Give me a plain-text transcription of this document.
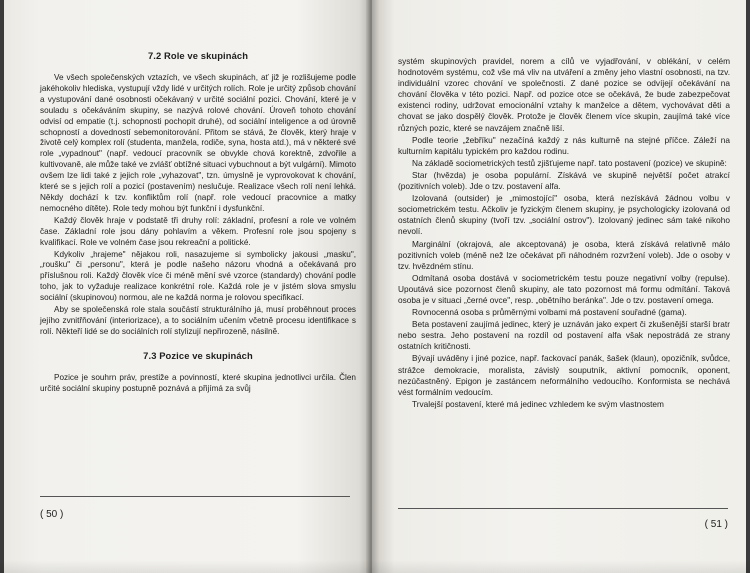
7.2 Role ve skupinách

Ve všech společenských vztazích, ve všech skupinách, ať již je rozlišujeme podle jakéhokoliv hlediska, vystupují vždy lidé v určitých rolích. Role je určitý způsob chování a vystupování dané osobnosti očekávaný v určité sociální pozici. Chování, které je v souladu s očekáváním skupiny, se nazývá rolové chování. Úroveň tohoto chování odvisí od empatie (t.j. schopnosti pochopit druhé), od sociální inteligence a od úrovně schopností a dovedností sebemonitorování. Přitom se stává, že člověk, který hraje v životě celý komplex rolí (studenta, manžela, rodiče, syna, hosta atd.), má v některé své role „vypadnout" (např. vedoucí pracovník se obvykle chová korektně, zdvořile a kultivovaně, ale může také ve zvlášť obtížné situaci vybuchnout a být vulgární). Mimoto ovšem lze lidi také z jejich role „vyhazovat", tzn. úmyslně je vyprovokovat k chování, které se s jejich rolí a pozicí (postavením) neslučuje. Realizace všech rolí není lehká. Někdy dochází k tzv. konfliktům rolí (např. role vedoucí pracovnice a matky nemocného dítěte). Role tedy mohou být funkční i dysfunkční.

Každý člověk hraje v podstatě tři druhy rolí: základní, profesní a role ve volném čase. Základní role jsou dány pohlavím a věkem. Profesní role jsou spojeny s kvalifikací. Role ve volném čase jsou rekreační a politické.

Kdykoliv „hrajeme" nějakou roli, nasazujeme si symbolicky jakousi „masku", „roušku" či „personu", která je podle našeho názoru vhodná a očekávaná pro příslušnou roli. Každý člověk více či méně mění své vzorce (standardy) chování podle toho, jak to vyžaduje realizace konkrétní role. Každá role je v jistém slova smyslu sociální (skupinovou) normou, ale ne každá norma je rolovou specifikací.

Aby se společenská role stala součástí strukturálního já, musí proběhnout proces jejího zvnitřňování (interiorizace), a to sociálním učením včetně procesu identifikace s rolí. Někteří lidé se do sociálních rolí stylizují nepřirozeně, násilně.

7.3 Pozice ve skupinách

Pozice je souhrn práv, prestiže a povinností, které skupina jednotlivci určila. Člen určité sociální skupiny postupně poznává a přijímá za svůj

( 50 )

systém skupinových pravidel, norem a cílů ve vyjadřování, v oblékání, v celém hodnotovém systému, což vše má vliv na utváření a změny jeho vlastní osobnosti, na tzv. individuální vzorec chování ve společnosti. Z dané pozice se odvíjejí očekávání na chování člověka v této pozici. Např. od pozice otce se očekává, že bude zabezpečovat existenci rodiny, udržovat emocionální vztahy k manželce a dětem, vychovávat děti a chovat se jako dospělý člověk. Protože je člověk členem více skupin, zaujímá také více různých pozic, které se navzájem značně liší.

Podle teorie „žebříku" nezačíná každý z nás kulturně na stejné příčce. Záleží na kulturním kapitálu typickém pro každou rodinu.

Na základě sociometrických testů zjišťujeme např. tato postavení (pozice) ve skupině:

Star (hvězda) je osoba populární. Získává ve skupině největší počet atrakcí (pozitivních voleb). Jde o tzv. postavení alfa.

Izolovaná (outsider) je „mimostojící" osoba, která nezískává žádnou volbu v sociometrickém testu. Ačkoliv je fyzickým členem skupiny, je psychologicky izolovaná od ostatních členů skupiny (tvoří tzv. „sociální ostrov"). Izolovaný jedinec sám také nikoho nevolí.

Marginální (okrajová, ale akceptovaná) je osoba, která získává relativně málo pozitivních voleb (méně než lze očekávat při náhodném rozvržení voleb). Jde o osoby v tzv. hvězdném stínu.

Odmítaná osoba dostává v sociometrickém testu pouze negativní volby (repulse). Upoutává sice pozornost členů skupiny, ale tato pozornost má formu odmítání. Taková osoba je v situaci „černé ovce", resp. „obětního beránka". Jde o tzv. postavení omega.

Rovnocenná osoba s průměrnými volbami má postavení souřadné (gama).

Beta postavení zaujímá jedinec, který je uznáván jako expert či zkušenější starší bratr nebo sestra. Jeho postavení na rozdíl od postavení alfa však nepostrádá ze strany ostatních kritičnosti.

Bývají uváděny i jiné pozice, např. fackovací panák, šašek (klaun), opozičník, svůdce, strážce demokracie, moralista, závislý souputník, aktivní pomocník, oponent, nezúčastněný. Epigon je zastáncem neformálního vedoucího. Konformista se nechává vést formálním vedoucím.

Trvalejší postavení, které má jedinec vzhledem ke svým vlastnostem

( 51 )
